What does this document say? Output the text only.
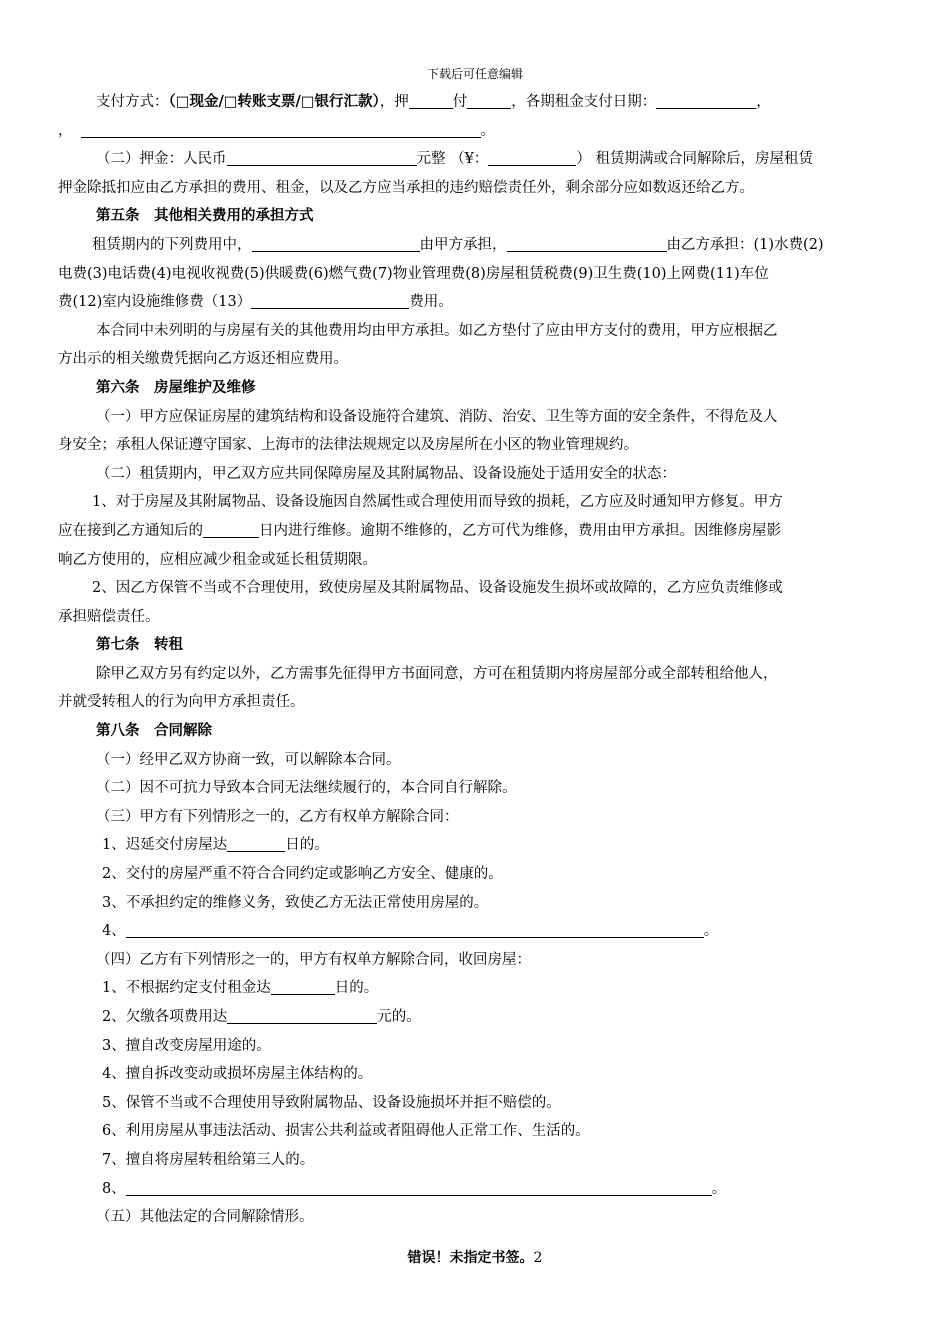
下载后可任意编辑
支付方式：（□现金/□转账支票/□银行汇款），押	付	，各期租金支付日期：	，
，	。
（二）押金：人民币	元整 （¥：	） 租赁期满或合同解除后，房屋租赁
押金除抵扣应由乙方承担的费用、租金，以及乙方应当承担的违约赔偿责任外，剩余部分应如数返还给乙方。
第五条　其他相关费用的承担方式
租赁期内的下列费用中，	由甲方承担，	由乙方承担：(1)水费(2)
电费(3)电话费(4)电视收视费(5)供暖费(6)燃气费(7)物业管理费(8)房屋租赁税费(9)卫生费(10)上网费(11)车位
费(12)室内设施维修费（13）	费用。
本合同中未列明的与房屋有关的其他费用均由甲方承担。如乙方垫付了应由甲方支付的费用，甲方应根据乙
方出示的相关缴费凭据向乙方返还相应费用。
第六条　房屋维护及维修
（一）甲方应保证房屋的建筑结构和设备设施符合建筑、消防、治安、卫生等方面的安全条件，不得危及人
身安全；承租人保证遵守国家、上海市的法律法规规定以及房屋所在小区的物业管理规约。
（二）租赁期内，甲乙双方应共同保障房屋及其附属物品、设备设施处于适用安全的状态：
1、对于房屋及其附属物品、设备设施因自然属性或合理使用而导致的损耗，乙方应及时通知甲方修复。甲方
应在接到乙方通知后的	日内进行维修。逾期不维修的，乙方可代为维修，费用由甲方承担。因维修房屋影
响乙方使用的，应相应减少租金或延长租赁期限。
2、因乙方保管不当或不合理使用，致使房屋及其附属物品、设备设施发生损坏或故障的，乙方应负责维修或
承担赔偿责任。
第七条　转租
除甲乙双方另有约定以外，乙方需事先征得甲方书面同意，方可在租赁期内将房屋部分或全部转租给他人，
并就受转租人的行为向甲方承担责任。
第八条　合同解除
（一）经甲乙双方协商一致，可以解除本合同。
（二）因不可抗力导致本合同无法继续履行的，本合同自行解除。
（三）甲方有下列情形之一的，乙方有权单方解除合同：
1、迟延交付房屋达	日的。
2、交付的房屋严重不符合合同约定或影响乙方安全、健康的。
3、不承担约定的维修义务，致使乙方无法正常使用房屋的。
4、	。
（四）乙方有下列情形之一的，甲方有权单方解除合同，收回房屋：
1、不根据约定支付租金达	日的。
2、欠缴各项费用达	元的。
3、擅自改变房屋用途的。
4、擅自拆改变动或损坏房屋主体结构的。
5、保管不当或不合理使用导致附属物品、设备设施损坏并拒不赔偿的。
6、利用房屋从事违法活动、损害公共利益或者阻碍他人正常工作、生活的。
7、擅自将房屋转租给第三人的。
8、	。
（五）其他法定的合同解除情形。
错误！未指定书签。2
